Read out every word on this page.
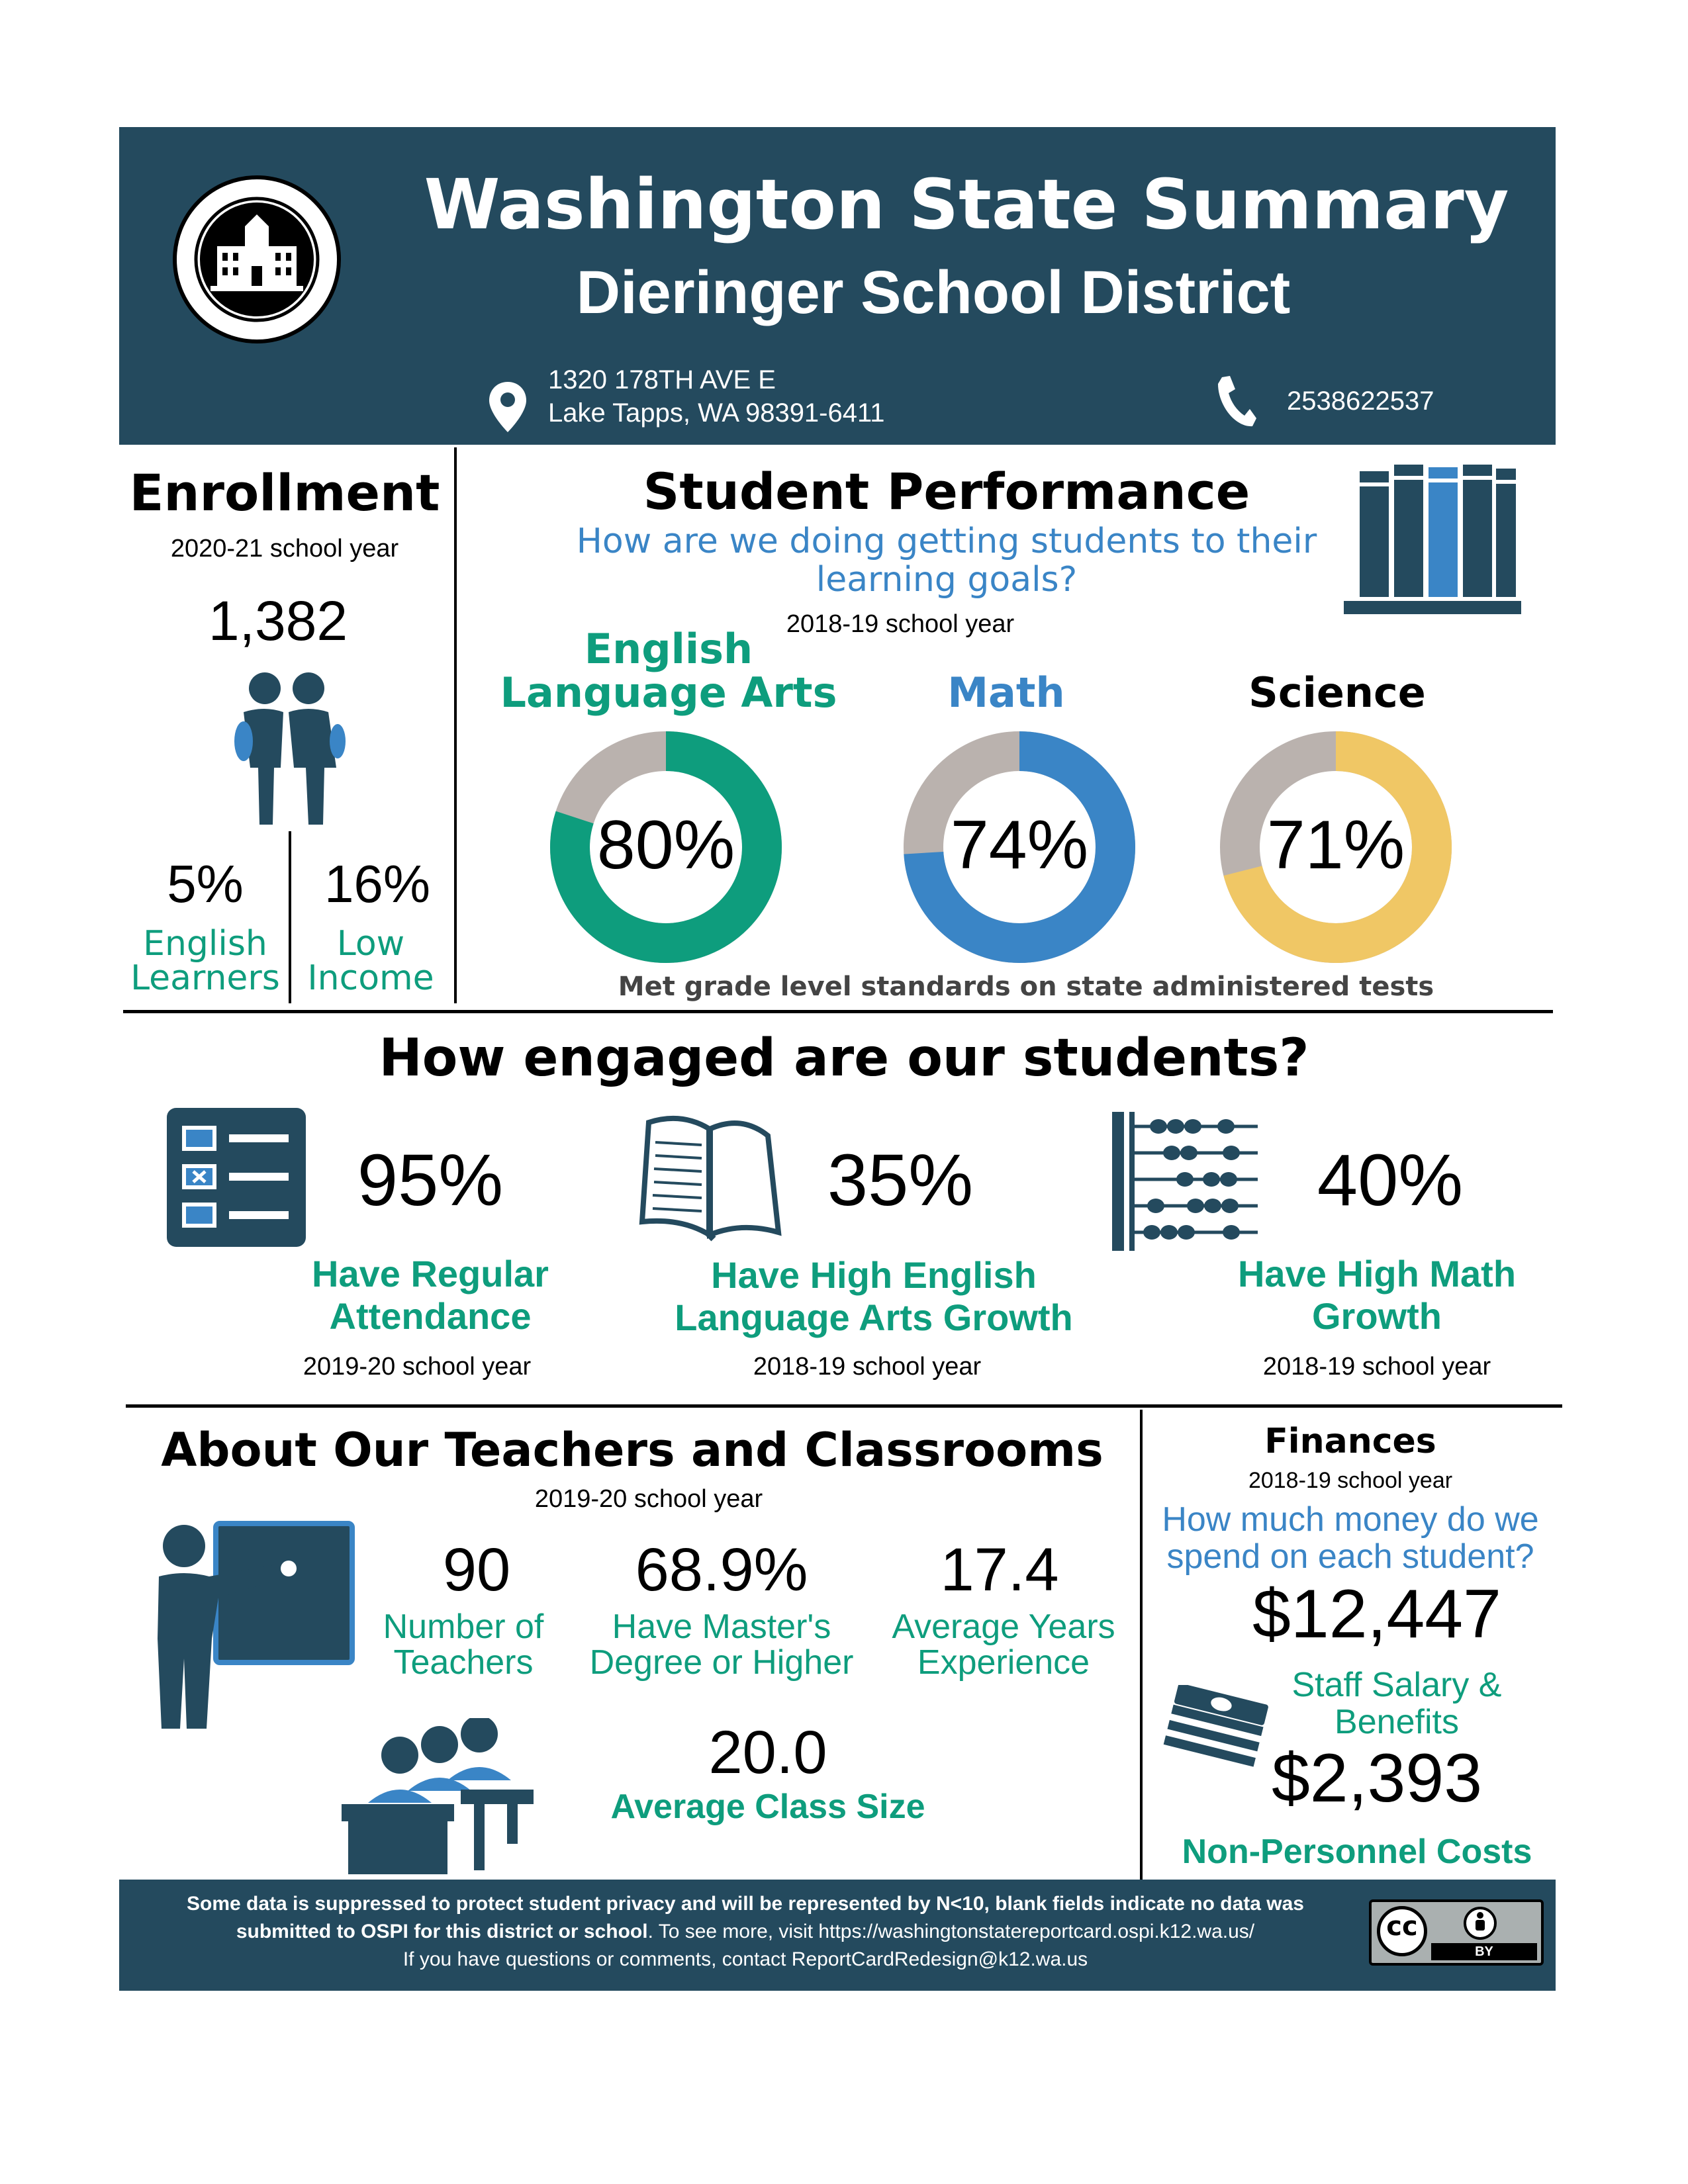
Washington State Summary
Dieringer School District
1320 178TH AVE E
Lake Tapps, WA 98391-6411	2538622537
Enrollment
2020-21 school year
1,382
5%
English
Learners
16%
Low
Income
Student Performance
How are we doing getting students to their
learning goals?
2018-19 school year
English
Language Arts	Math	Science
80%	74%	71%
Met grade level standards on state administered tests
How engaged are our students?
95%
Have Regular
Attendance
2019-20 school year
35%
Have High English
Language Arts Growth
2018-19 school year
40%
Have High Math
Growth
2018-19 school year
About Our Teachers and Classrooms
2019-20 school year
90
Number of
Teachers
68.9%
Have Master's
Degree or Higher
17.4
Average Years
Experience
20.0
Average Class Size
Finances
2018-19 school year
How much money do we
spend on each student?
$12,447
Staff Salary &
Benefits
$2,393
Non-Personnel Costs
Some data is suppressed to protect student privacy and will be represented by N<10, blank fields indicate no data was
submitted to OSPI for this district or school. To see more, visit https://washingtonstatereportcard.ospi.k12.wa.us/
If you have questions or comments, contact ReportCardRedesign@k12.wa.us
cc
BY
